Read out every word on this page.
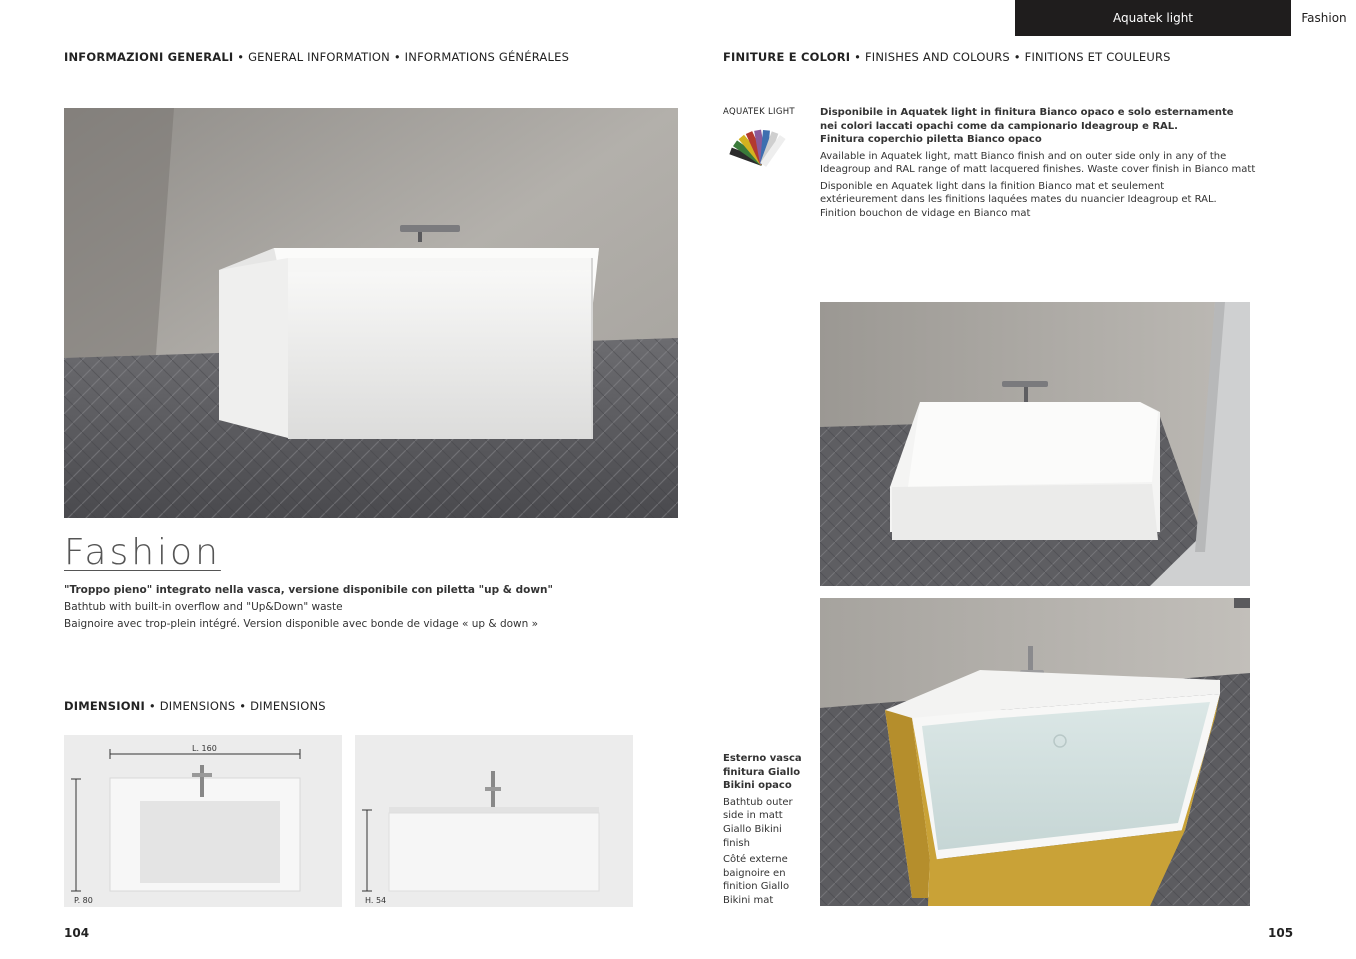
Aquatek light	Fashion
INFORMAZIONI GENERALI • GENERAL INFORMATION • INFORMATIONS GÉNÉRALES
Fashion
"Troppo pieno" integrato nella vasca, versione disponibile con piletta "up & down"
Bathtub with built-in overflow and "Up&Down" waste
Baignoire avec trop-plein intégré. Version disponible avec bonde de vidage « up & down »
DIMENSIONI • DIMENSIONS • DIMENSIONS
L. 160
P. 80	H. 54
104
FINITURE E COLORI • FINISHES AND COLOURS • FINITIONS ET COULEURS
AQUATEK LIGHT	Disponibile in Aquatek light in finitura Bianco opaco e solo esternamente
nei colori laccati opachi come da campionario Ideagroup e RAL.
Finitura coperchio piletta Bianco opaco
Available in Aquatek light, matt Bianco finish and on outer side only in any of the
Ideagroup and RAL range of matt lacquered finishes. Waste cover finish in Bianco matt
Disponible en Aquatek light dans la finition Bianco mat et seulement
extérieurement dans les finitions laquées mates du nuancier Ideagroup et RAL.
Finition bouchon de vidage en Bianco mat
Esterno vasca
finitura Giallo
Bikini opaco
Bathtub outer
side in matt
Giallo Bikini
finish
Côté externe
baignoire en
finition Giallo
Bikini mat
105
